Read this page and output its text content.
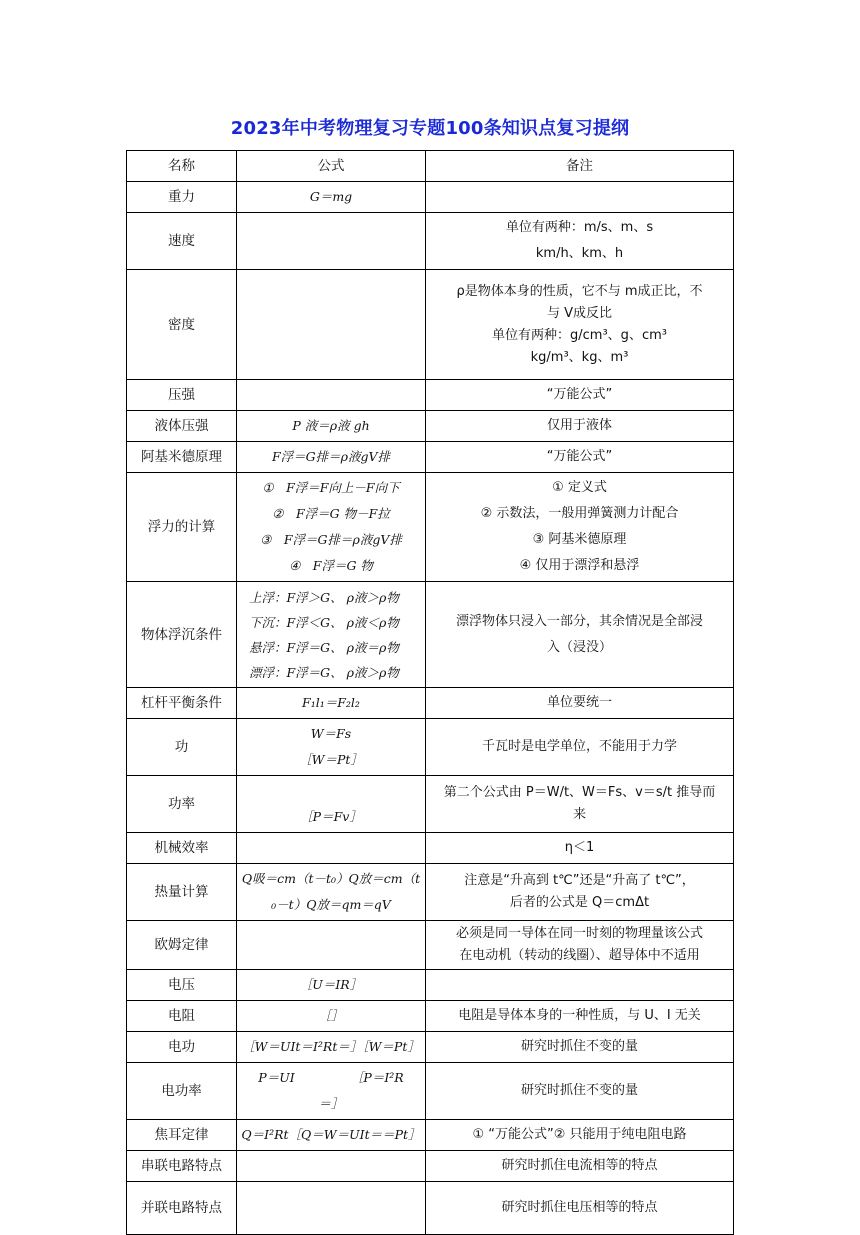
2023年中考物理复习专题100条知识点复习提纲
名称	公式	备注
重力	G＝mg	

速度		单位有两种：m/s、m、s
km/h、km、h

密度		ρ是物体本身的性质，它不与 m成正比，不
与 V成反比
单位有两种：g/cm³、g、cm³
kg/m³、kg、m³

压强		“万能公式”

液体压强	P 液＝ρ液 gh	仅用于液体

阿基米德原理	F浮＝G排＝ρ液gV排	“万能公式”

浮力的计算	①　F浮＝F向上－F向下
②　F浮＝G 物－F拉
③　F浮＝G排＝ρ液gV排
④　F浮＝G 物	① 定义式
② 示数法，一般用弹簧测力计配合
③ 阿基米德原理
④ 仅用于漂浮和悬浮

物体浮沉条件	上浮：F浮＞G、 ρ液＞ρ物
下沉：F浮＜G、 ρ液＜ρ物
悬浮：F浮＝G、 ρ液＝ρ物
漂浮：F浮＝G、 ρ液＞ρ物	漂浮物体只浸入一部分，其余情况是全部浸
入（浸没）

杠杆平衡条件	F₁l₁＝F₂l₂	单位要统一

功	W＝Fs
［W＝Pt］	千瓦时是电学单位，不能用于力学

功率	［P＝Fv］	第二个公式由 P＝W/t、W＝Fs、v＝s/t 推导而
来

机械效率		η＜1

热量计算	Q吸＝cm（t－t₀）Q放＝cm（t
₀－t）Q放＝qm＝qV	注意是“升高到 t℃”还是“升高了 t℃”，
后者的公式是 Q＝cmΔt

欧姆定律		必须是同一导体在同一时刻的物理量该公式
在电动机（转动的线圈）、超导体中不适用

电压	［U＝IR］	

电阻	［］	电阻是导体本身的一种性质，与 U、I 无关

电功	［W＝UIt＝I²Rt＝］［W＝Pt］	研究时抓住不变的量

电功率	P＝UI　　　　　［P＝I²R
＝］	研究时抓住不变的量

焦耳定律	Q＝I²Rt［Q＝W＝UIt＝＝Pt］	① “万能公式”② 只能用于纯电阻电路

串联电路特点		研究时抓住电流相等的特点

并联电路特点		研究时抓住电压相等的特点
